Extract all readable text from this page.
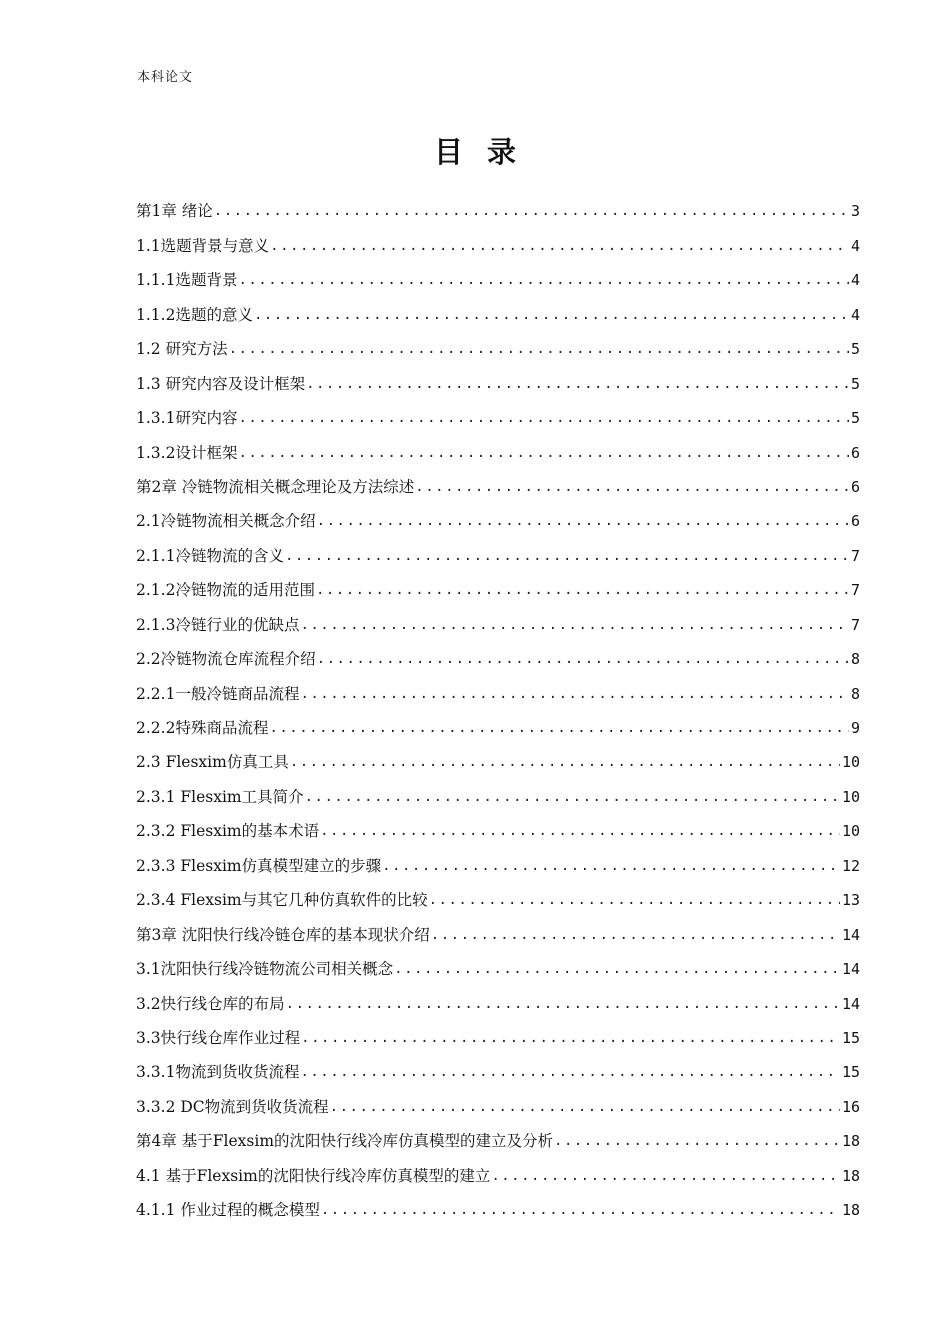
本科论文
目录
第1章 绪论 .....	3
1.1选题背景与意义 .....	4
1.1.1选题背景 .....	4
1.1.2选题的意义 .....	4
1.2 研究方法 .....	5
1.3 研究内容及设计框架 .....	5
1.3.1研究内容 .....	5
1.3.2设计框架 .....	6
第2章 冷链物流相关概念理论及方法综述 .....	6
2.1冷链物流相关概念介绍 .....	6
2.1.1冷链物流的含义 .....	7
2.1.2冷链物流的适用范围 .....	7
2.1.3冷链行业的优缺点 .....	7
2.2冷链物流仓库流程介绍 .....	8
2.2.1一般冷链商品流程 .....	8
2.2.2特殊商品流程 .....	9
2.3 Flesxim仿真工具 .....	10
2.3.1 Flesxim工具简介 .....	10
2.3.2 Flesxim的基本术语 .....	10
2.3.3 Flesxim仿真模型建立的步骤 .....	12
2.3.4 Flexsim与其它几种仿真软件的比较 .....	13
第3章 沈阳快行线冷链仓库的基本现状介绍 .....	14
3.1沈阳快行线冷链物流公司相关概念 .....	14
3.2快行线仓库的布局 .....	14
3.3快行线仓库作业过程 .....	15
3.3.1物流到货收货流程 .....	15
3.3.2 DC物流到货收货流程 .....	16
第4章 基于Flexsim的沈阳快行线冷库仿真模型的建立及分析 .....	18
4.1 基于Flexsim的沈阳快行线冷库仿真模型的建立 .....	18
4.1.1 作业过程的概念模型 .....	18
